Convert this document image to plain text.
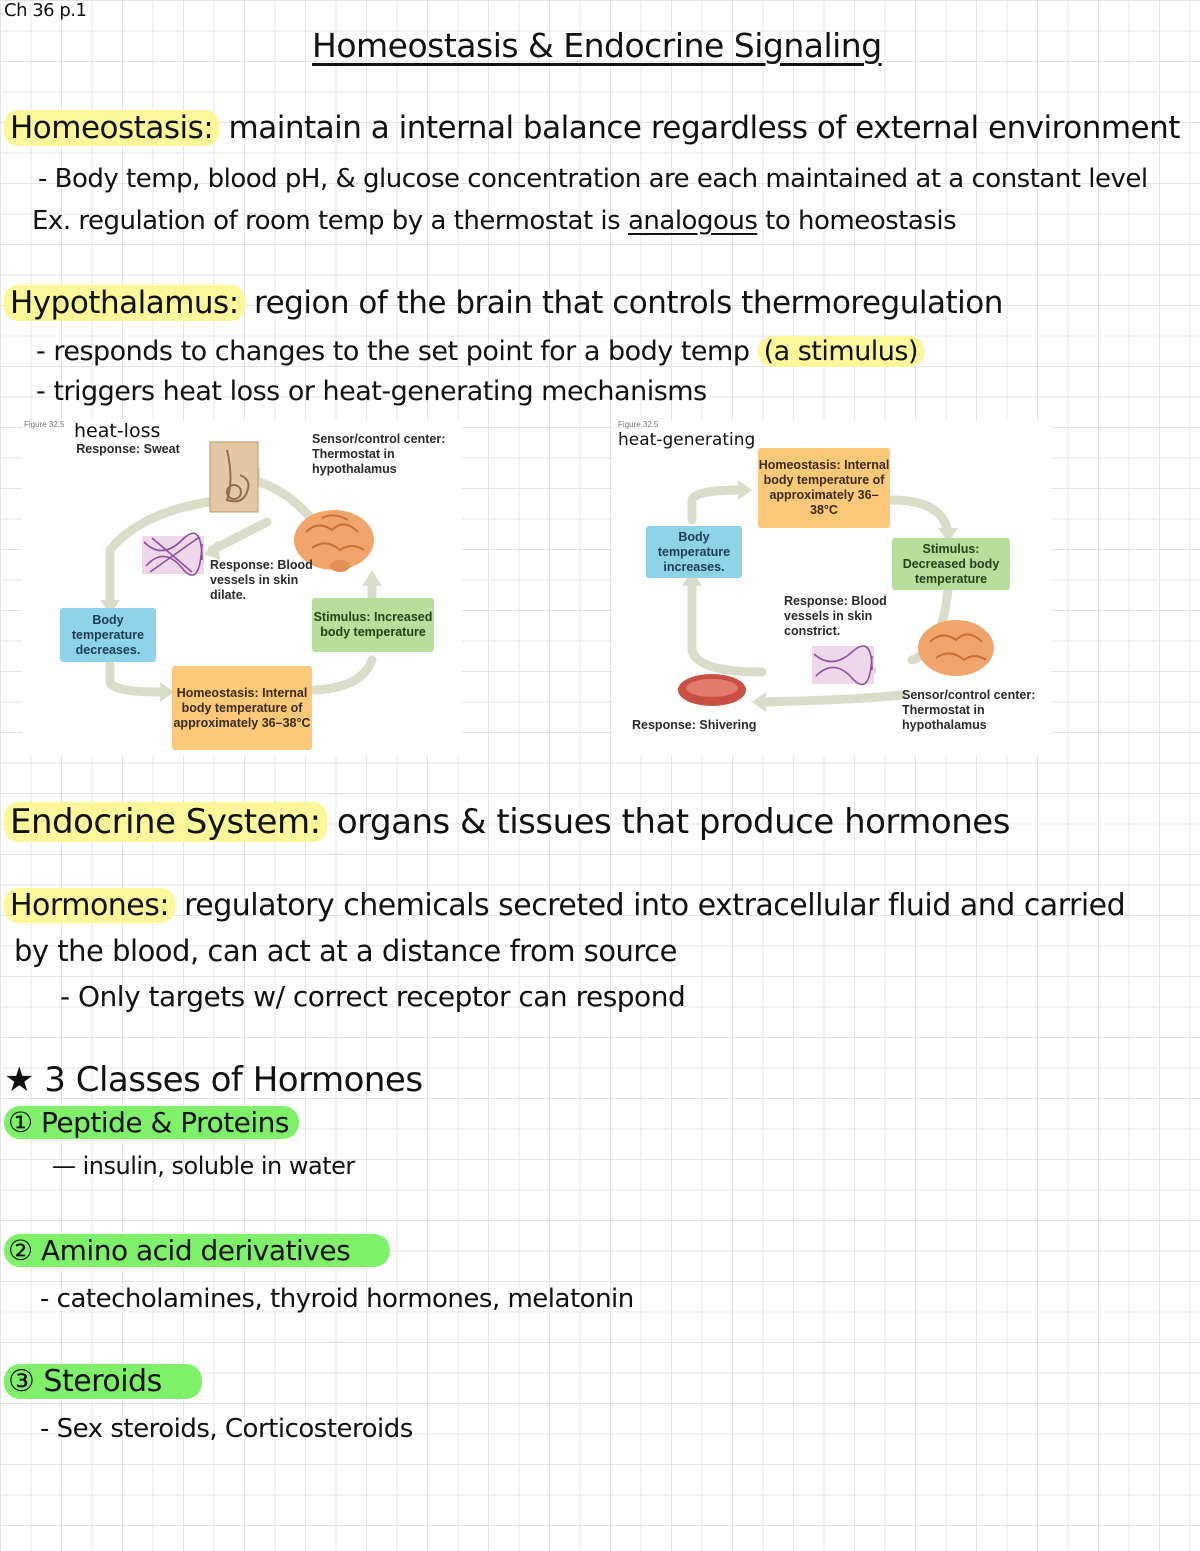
Ch 36 p.1
Homeostasis & Endocrine Signaling
Homeostasis: maintain a internal balance regardless of external environment
- Body temp, blood pH, & glucose concentration are each maintained at a constant level
Ex. regulation of room temp by a thermostat is analogous to homeostasis
Hypothalamus: region of the brain that controls thermoregulation
- responds to changes to the set point for a body temp (a stimulus)
- triggers heat loss or heat-generating mechanisms
Figure 32.5 heat-loss
Response: Sweat
Sensor/control center: Thermostat in hypothalamus
Response: Blood vessels in skin dilate.
Body temperature decreases.
Stimulus: Increased body temperature
Homeostasis: Internal body temperature of approximately 36–38°C
Figure 32.5
heat-generating
Homeostasis: Internal body temperature of approximately 36–38°C
Body temperature increases.
Stimulus: Decreased body temperature
Response: Blood vessels in skin constrict.
Sensor/control center: Thermostat in hypothalamus
Response: Shivering
Endocrine System: organs & tissues that produce hormones
Hormones: regulatory chemicals secreted into extracellular fluid and carried
by the blood, can act at a distance from source
- Only targets w/ correct receptor can respond
★ 3 Classes of Hormones
① Peptide & Proteins
— insulin, soluble in water
② Amino acid derivatives
- catecholamines, thyroid hormones, melatonin
③ Steroids
- Sex steroids, Corticosteroids
